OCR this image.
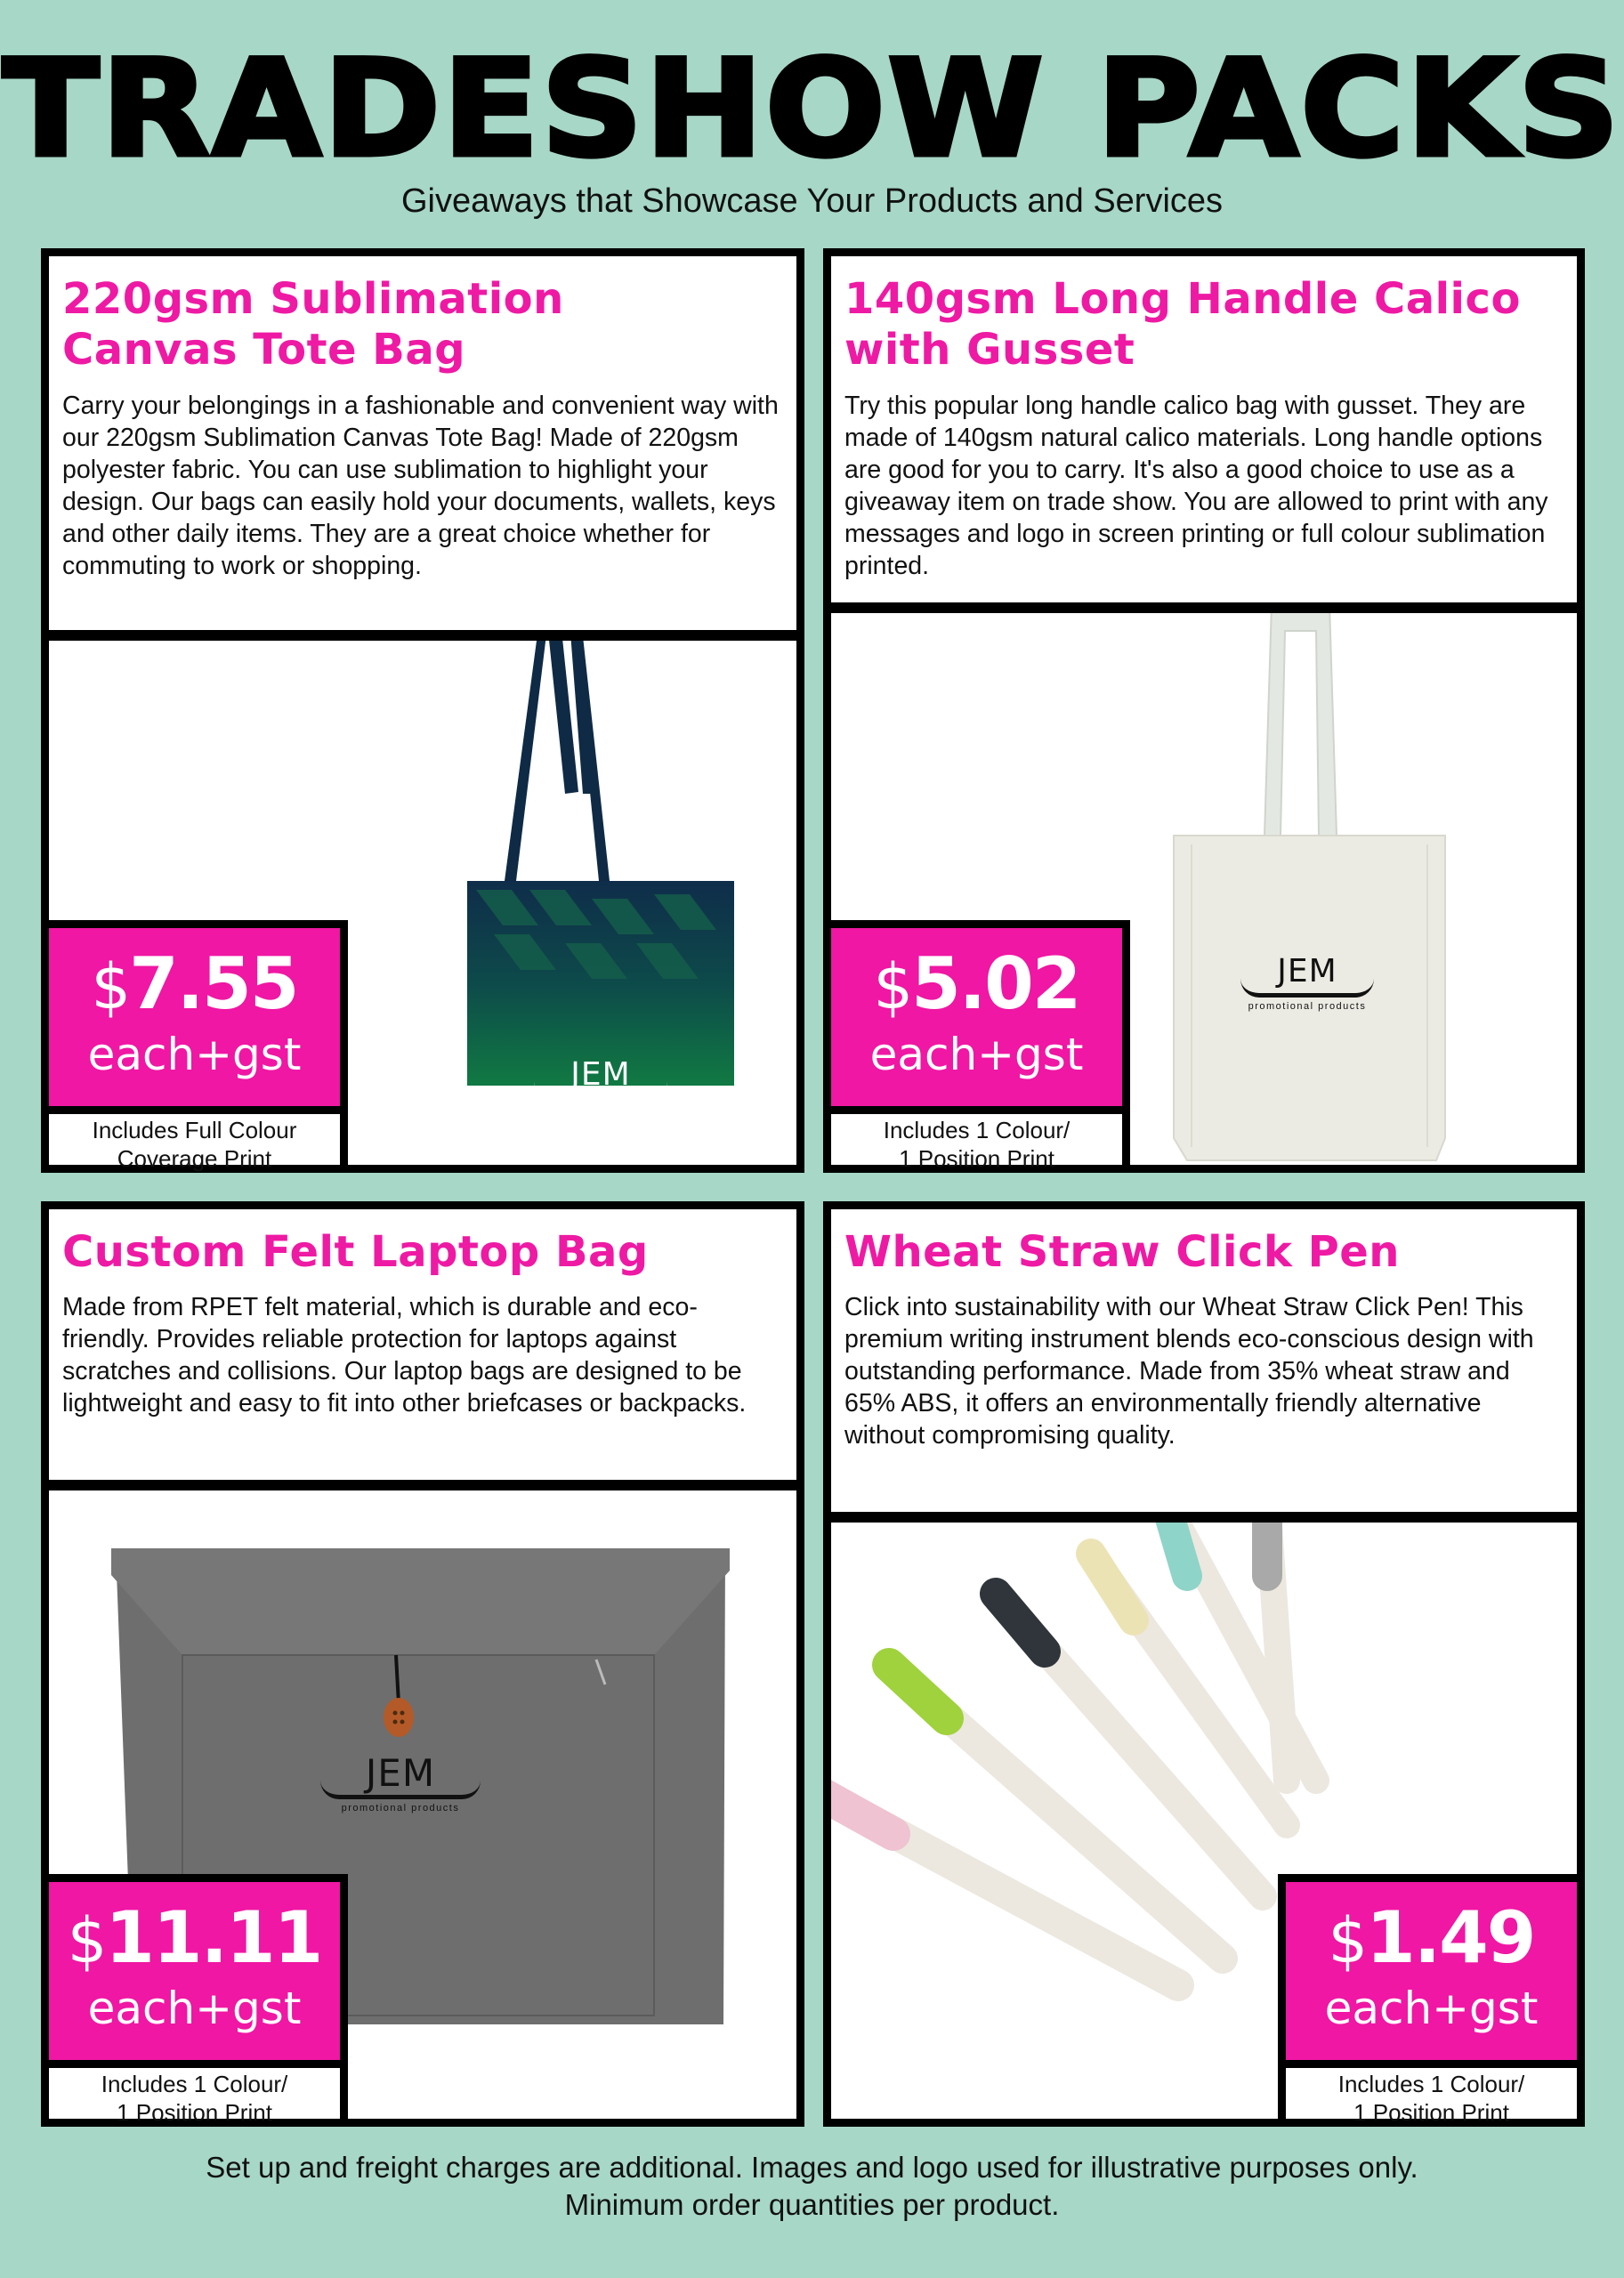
TRADESHOW PACKS
Giveaways that Showcase Your Products and Services
220gsm Sublimation
Canvas Tote Bag

Carry your belongings in a fashionable and convenient way with our 220gsm Sublimation Canvas Tote Bag! Made of 220gsm polyester fabric. You can use sublimation to highlight your design. Our bags can easily hold your documents, wallets, keys and other daily items. They are a great choice whether for commuting to work or shopping.

JEM
promotional products
$7.55
each+gst
Includes Full Colour
Coverage Print
140gsm Long Handle Calico
with Gusset

Try this popular long handle calico bag with gusset. They are made of 140gsm natural calico materials. Long handle options are good for you to carry. It's also a good choice to use as a giveaway item on trade show. You are allowed to print with any messages and logo in screen printing or full colour sublimation printed.

JEM
promotional products
$5.02
each+gst
Includes 1 Colour/
1 Position Print
Custom Felt Laptop Bag

Made from RPET felt material, which is durable and eco-friendly. Provides reliable protection for laptops against scratches and collisions. Our laptop bags are designed to be lightweight and easy to fit into other briefcases or backpacks.

JEM
promotional products
$11.11
each+gst
Includes 1 Colour/
1 Position Print
Wheat Straw Click Pen

Click into sustainability with our Wheat Straw Click Pen! This premium writing instrument blends eco-conscious design with outstanding performance. Made from 35% wheat straw and 65% ABS, it offers an environmentally friendly alternative without compromising quality.

$1.49
each+gst
Includes 1 Colour/
1 Position Print
Set up and freight charges are additional. Images and logo used for illustrative purposes only.
Minimum order quantities per product.
